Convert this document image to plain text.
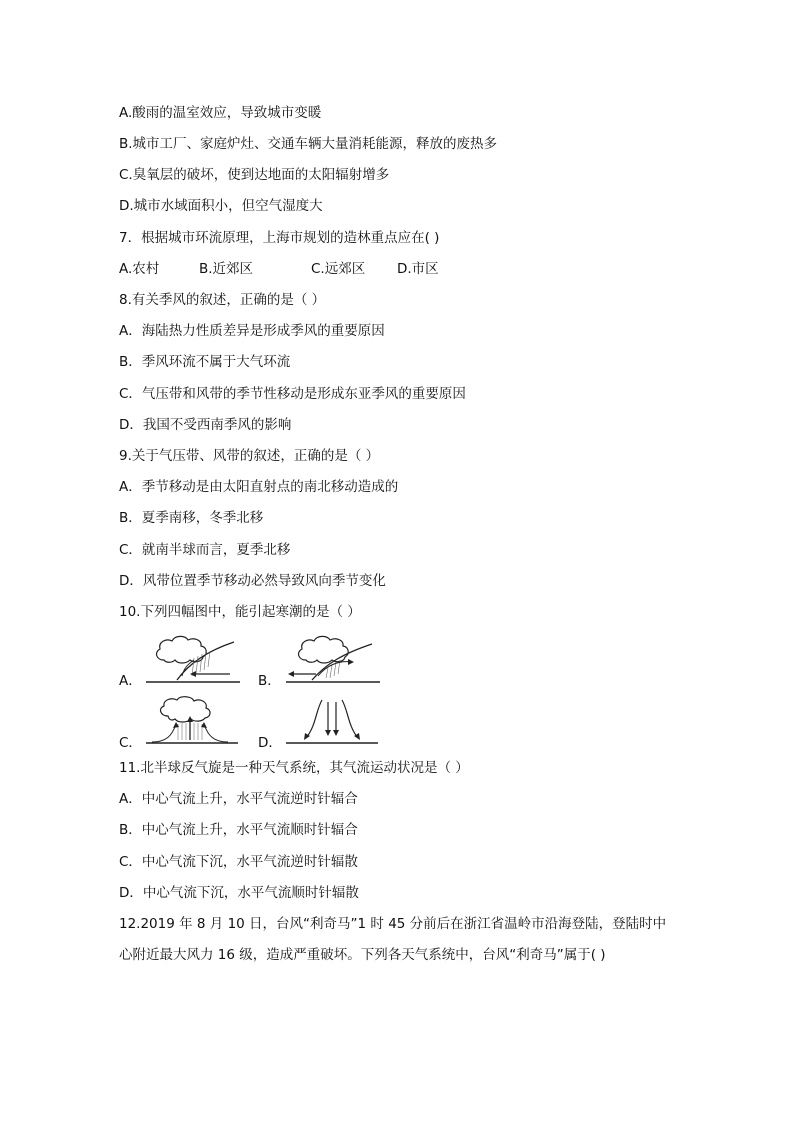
A.酸雨的温室效应，导致城市变暖
B.城市工厂、家庭炉灶、交通车辆大量消耗能源，释放的废热多
C.臭氧层的破坏，使到达地面的太阳辐射增多
D.城市水域面积小，但空气湿度大
7．根据城市环流原理，上海市规划的造林重点应在( )
A.农村	B.近郊区	C.远郊区 D.市区
8.有关季风的叙述，正确的是（ ）
A．海陆热力性质差异是形成季风的重要原因
B．季风环流不属于大气环流
C．气压带和风带的季节性移动是形成东亚季风的重要原因
D．我国不受西南季风的影响
9.关于气压带、风带的叙述，正确的是（ ）
A．季节移动是由太阳直射点的南北移动造成的
B．夏季南移，冬季北移
C．就南半球而言，夏季北移
D．风带位置季节移动必然导致风向季节变化
10.下列四幅图中，能引起寒潮的是（ ）
A．	B．
C．	D．
11.北半球反气旋是一种天气系统，其气流运动状况是（ ）
A．中心气流上升，水平气流逆时针辐合
B．中心气流上升，水平气流顺时针辐合
C．中心气流下沉，水平气流逆时针辐散
D．中心气流下沉，水平气流顺时针辐散
12.2019 年 8 月 10 日，台风“利奇马”1 时 45 分前后在浙江省温岭市沿海登陆，登陆时中
心附近最大风力 16 级，造成严重破坏。下列各天气系统中，台风“利奇马”属于( )
